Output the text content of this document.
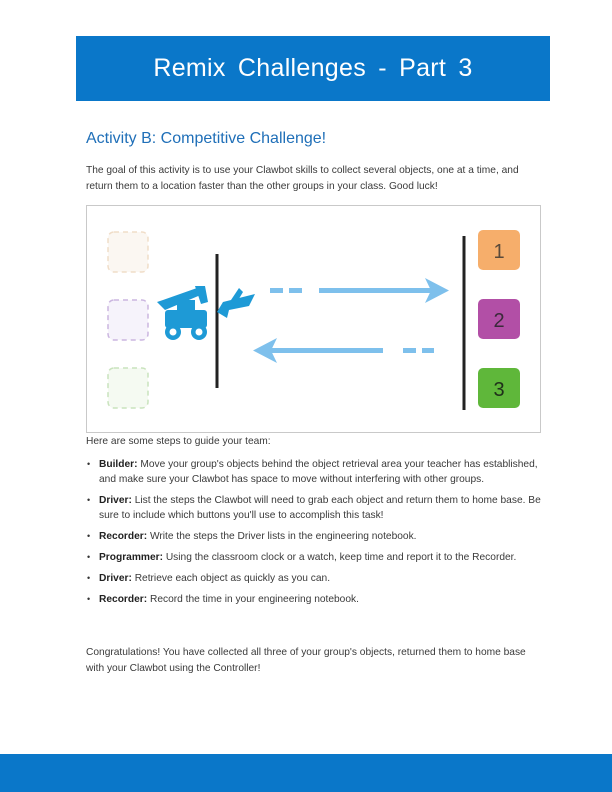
Remix Challenges - Part 3
Activity B: Competitive Challenge!
The goal of this activity is to use your Clawbot skills to collect several objects, one at a time, and return them to a location faster than the other groups in your class. Good luck!
1
2
3
Here are some steps to guide your team:
• Builder: Move your group's objects behind the object retrieval area your teacher has established, and make sure your Clawbot has space to move without interfering with other groups.
• Driver: List the steps the Clawbot will need to grab each object and return them to home base. Be sure to include which buttons you'll use to accomplish this task!
• Recorder: Write the steps the Driver lists in the engineering notebook.
• Programmer: Using the classroom clock or a watch, keep time and report it to the Recorder.
• Driver: Retrieve each object as quickly as you can.
• Recorder: Record the time in your engineering notebook.
Congratulations! You have collected all three of your group's objects, returned them to home base with your Clawbot using the Controller!
